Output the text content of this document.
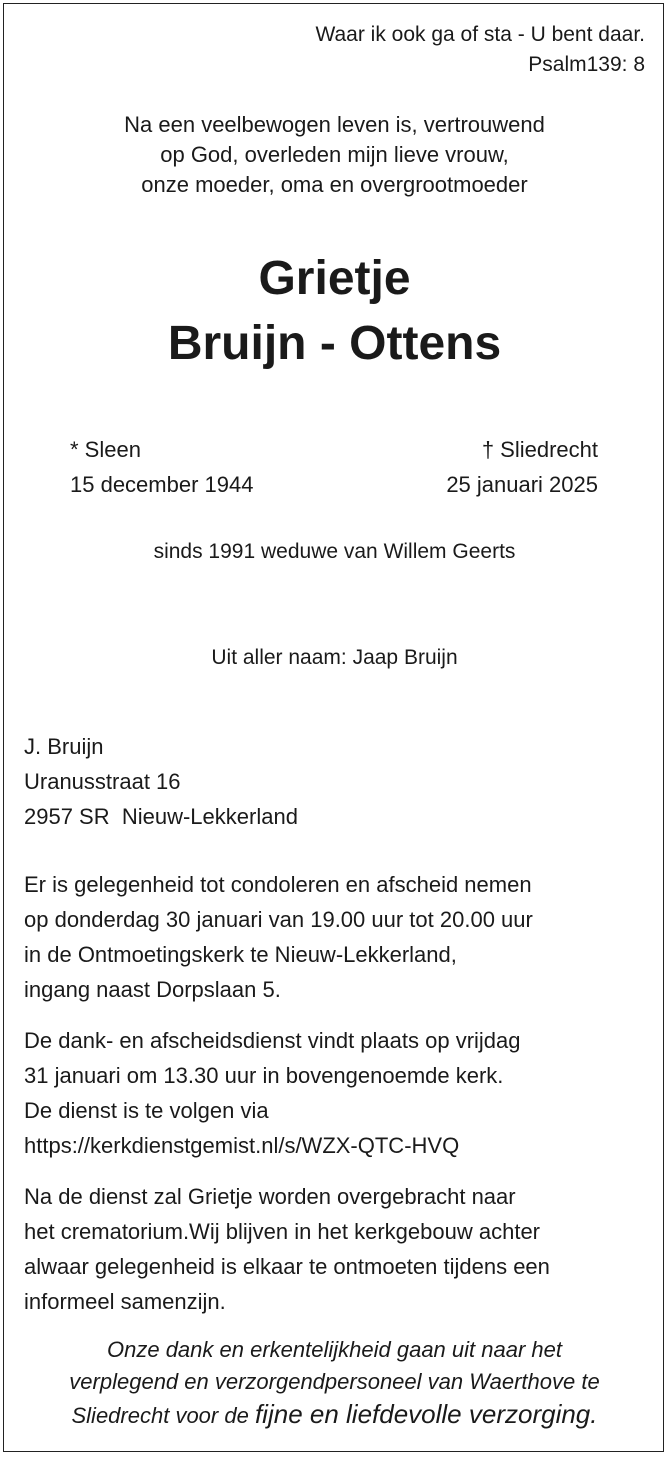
Waar ik ook ga of sta - U bent daar.
Psalm139: 8
Na een veelbewogen leven is, vertrouwend
op God, overleden mijn lieve vrouw,
onze moeder, oma en overgrootmoeder
Grietje
Bruijn - Ottens
* Sleen
15 december 1944
† Sliedrecht
25 januari 2025
sinds 1991 weduwe van Willem Geerts
Uit aller naam: Jaap Bruijn
J. Bruijn
Uranusstraat 16
2957 SR  Nieuw-Lekkerland
Er is gelegenheid tot condoleren en afscheid nemen
op donderdag 30 januari van 19.00 uur tot 20.00 uur
in de Ontmoetingskerk te Nieuw-Lekkerland,
ingang naast Dorpslaan 5.
De dank- en afscheidsdienst vindt plaats op vrijdag
31 januari om 13.30 uur in bovengenoemde kerk.
De dienst is te volgen via
https://kerkdienstgemist.nl/s/WZX-QTC-HVQ
Na de dienst zal Grietje worden overgebracht naar
het crematorium.Wij blijven in het kerkgebouw achter
alwaar gelegenheid is elkaar te ontmoeten tijdens een
informeel samenzijn.
Onze dank en erkentelijkheid gaan uit naar het
verplegend en verzorgendpersoneel van Waerthove te
Sliedrecht voor de fijne en liefdevolle verzorging.
